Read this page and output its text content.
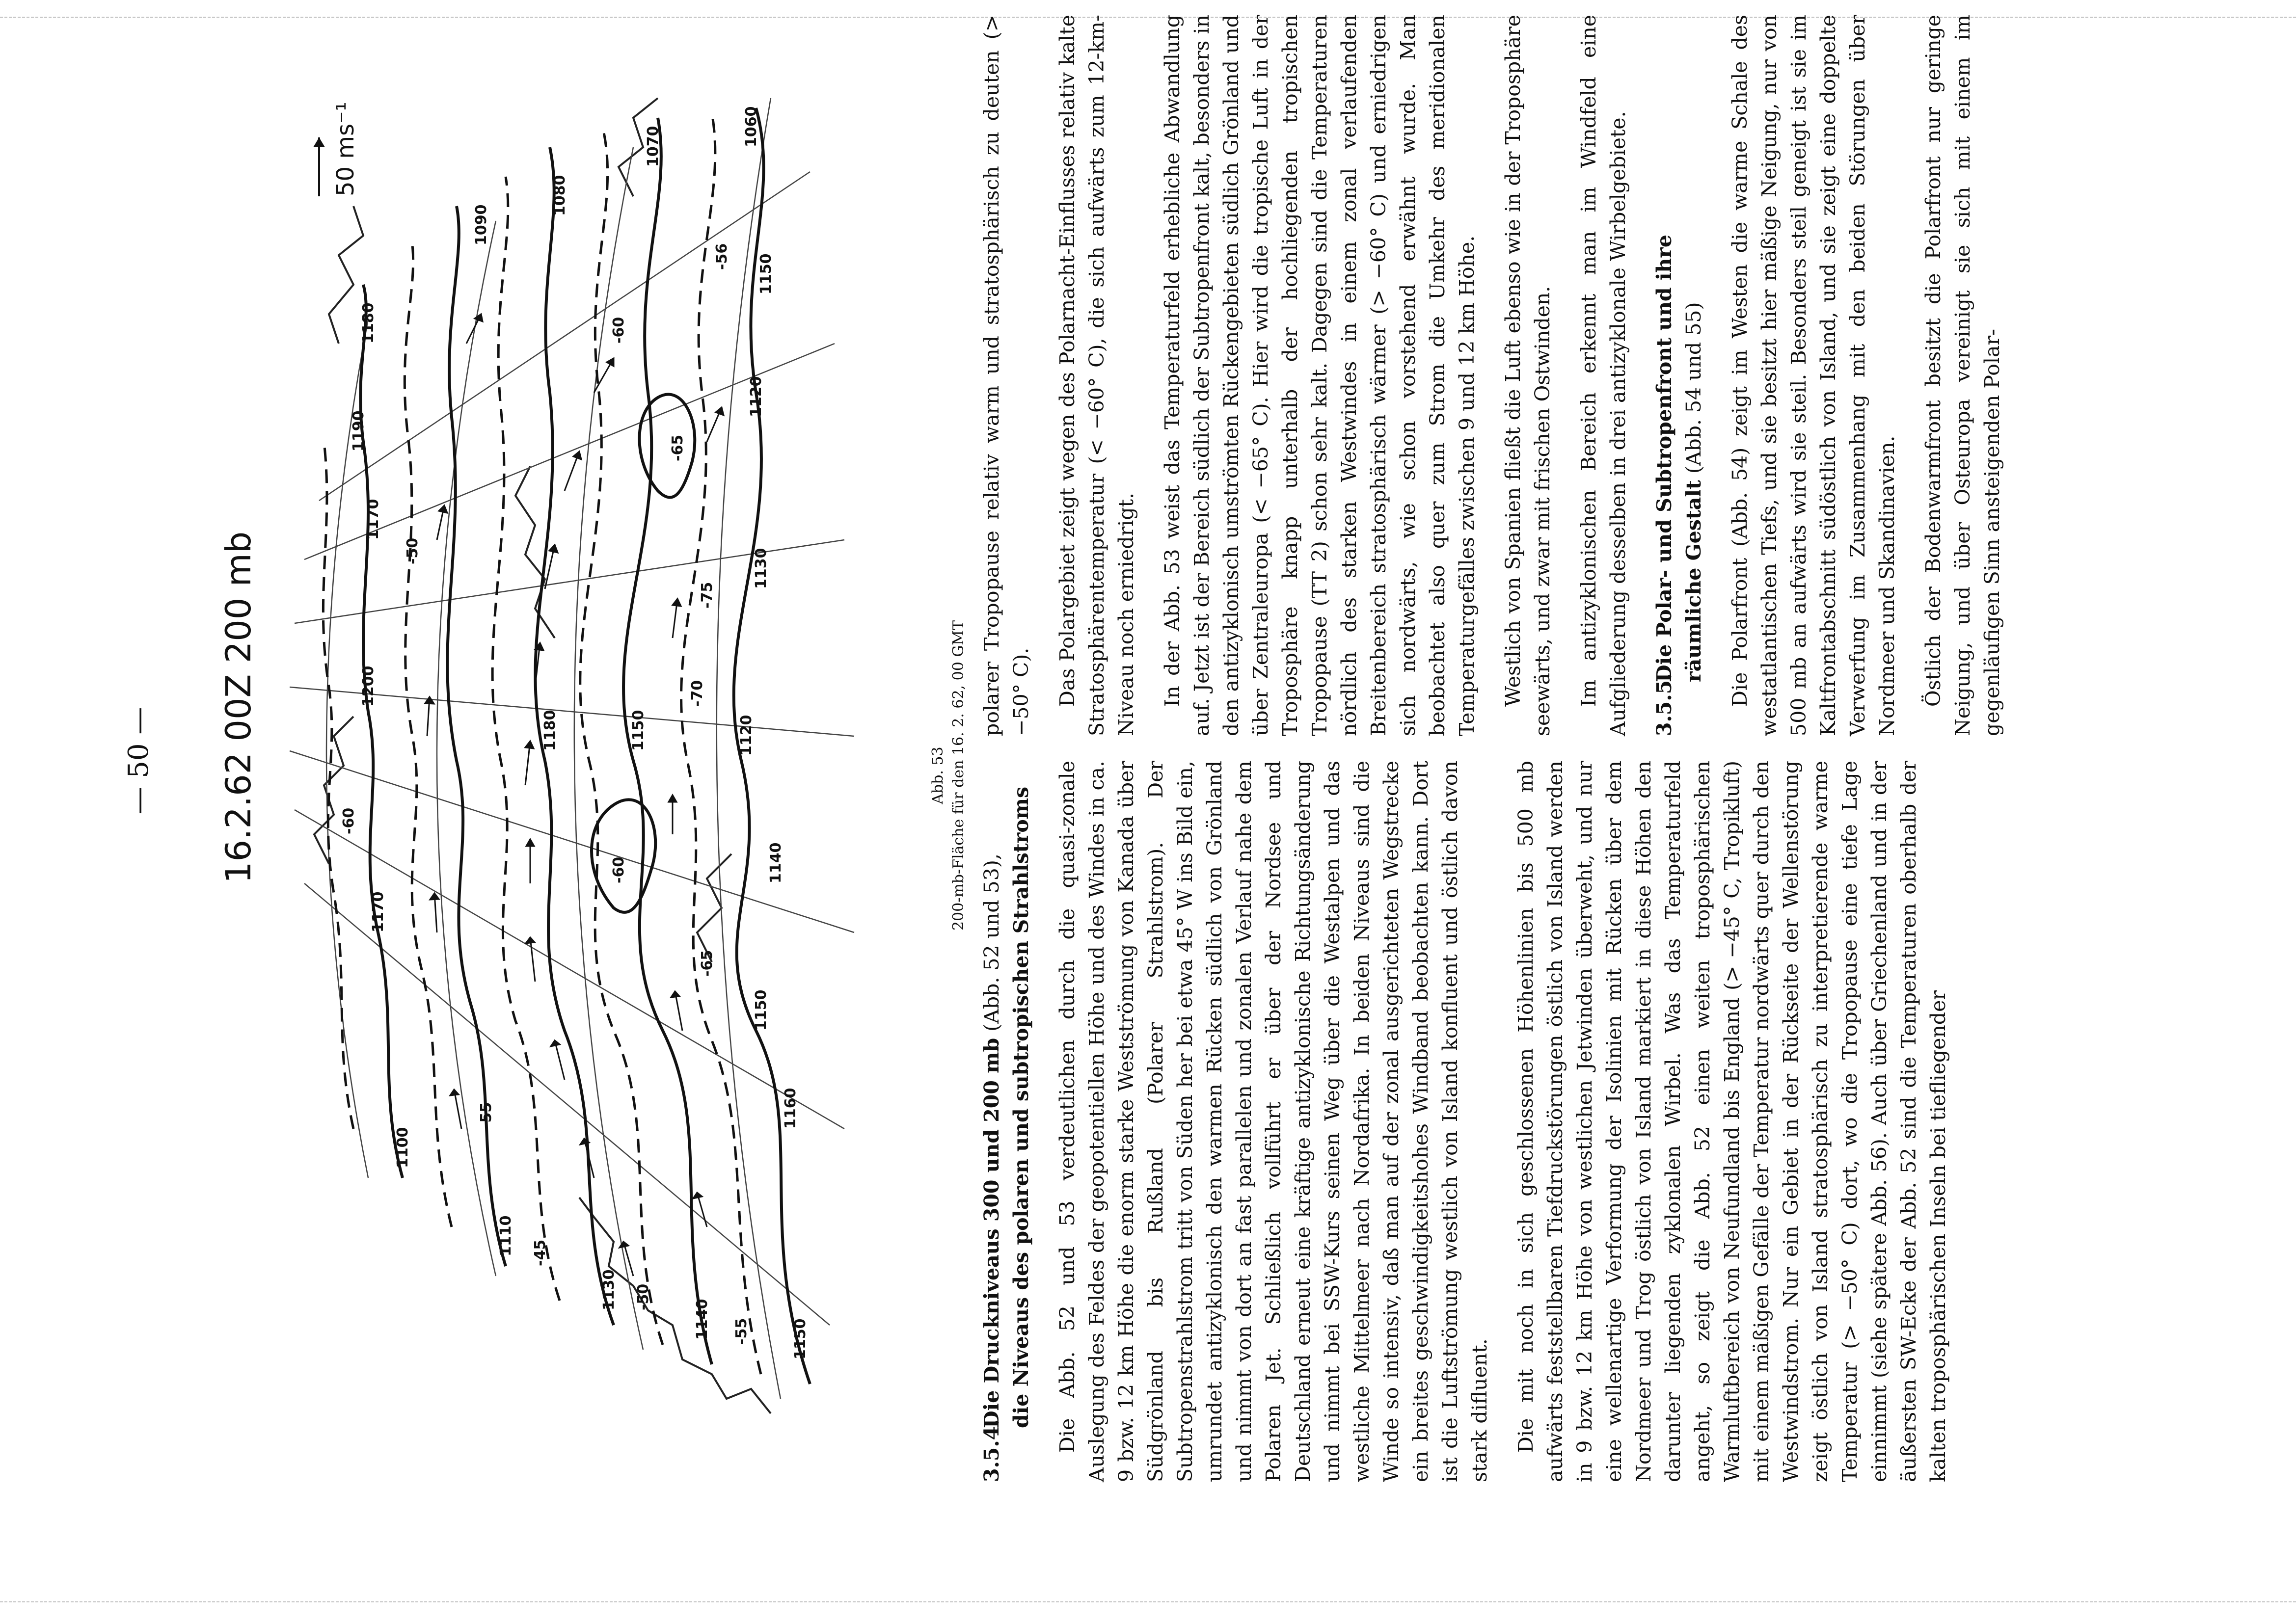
— 50 — 16.2.62 00Z 200 mb
50 ms⁻¹
1150
1140
1130
1110
1100
1090
1080
1070	1060
1120
1150
1180
1190
1200
1170
1150
1140
1130
1120
1150
1160
1170
1180
-55
-50
-45
-60
-65
-70
-75
-65
-60
-56
-55
-50
-60
Abb. 53 200-mb-Fläche für den 16. 2. 62, 00 GMT
3.5.4.Die Druckniveaus 300 und 200 mb (Abb. 52 und 53), die Niveaus des polaren und subtropischen Strahlstroms Die Abb. 52 und 53 verdeutlichen durch die quasi-zonale Auslegung des Feldes der geopotentiellen Höhe und des Windes in ca. 9 bzw. 12 km Höhe die enorm starke Westströmung von Kanada über Südgrönland bis Rußland (Polarer Strahlstrom). Der Subtropenstrahlstrom tritt von Süden her bei etwa 45° W ins Bild ein, umrundet antizyklonisch den warmen Rücken südlich von Grönland und nimmt von dort an fast parallelen und zonalen Verlauf nahe dem Polaren Jet. Schließlich vollführt er über der Nordsee und Deutschland erneut eine kräftige antizyklonische Richtungsänderung und nimmt bei SSW-Kurs seinen Weg über die Westalpen und das westliche Mittelmeer nach Nordafrika. In beiden Niveaus sind die Winde so intensiv, daß man auf der zonal ausgerichteten Wegstrecke ein breites geschwindigkeitshohes Windband beobachten kann. Dort ist die Luftströmung westlich von Island konfluent und östlich davon stark difluent. Die mit noch in sich geschlossenen Höhenlinien bis 500 mb aufwärts feststellbaren Tiefdruckstörungen östlich von Island werden in 9 bzw. 12 km Höhe von westlichen Jetwinden überweht, und nur eine wellenartige Verformung der Isolinien mit Rücken über dem Nordmeer und Trog östlich von Island markiert in diese Höhen den darunter liegenden zyklonalen Wirbel. Was das Temperaturfeld angeht, so zeigt die Abb. 52 einen weiten troposphärischen Warmluftbereich von Neufundland bis England (> −45° C, Tropikluft) mit einem mäßigen Gefälle der Temperatur nordwärts quer durch den Westwindstrom. Nur ein Gebiet in der Rückseite der Wellenstörung zeigt östlich von Island stratosphärisch zu interpretierende warme Temperatur (> −50° C) dort, wo die Tropopause eine tiefe Lage einnimmt (siehe spätere Abb. 56). Auch über Griechenland und in der äußersten SW-Ecke der Abb. 52 sind die Temperaturen oberhalb der kalten troposphärischen Inseln bei tiefliegender

polarer Tropopause relativ warm und stratosphärisch zu deuten (> −50° C). Das Polargebiet zeigt wegen des Polarnacht-Einflusses relativ kalte Stratosphärentemperatur (< −60° C), die sich aufwärts zum 12-km-Niveau noch erniedrigt. In der Abb. 53 weist das Temperaturfeld erhebliche Abwandlung auf. Jetzt ist der Bereich südlich der Subtropenfront kalt, besonders in den antizyklonisch umströmten Rückengebieten südlich Grönland und über Zentraleuropa (< −65° C). Hier wird die tropische Luft in der Troposphäre knapp unterhalb der hochliegenden tropischen Tropopause (TT 2) schon sehr kalt. Dagegen sind die Temperaturen nördlich des starken Westwindes in einem zonal verlaufenden Breitenbereich stratosphärisch wärmer (> −60° C) und erniedrigen sich nordwärts, wie schon vorstehend erwähnt wurde. Man beobachtet also quer zum Strom die Umkehr des meridionalen Temperaturgefälles zwischen 9 und 12 km Höhe. Westlich von Spanien fließt die Luft ebenso wie in der Troposphäre seewärts, und zwar mit frischen Ostwinden. Im antizyklonischen Bereich erkennt man im Windfeld eine Aufgliederung desselben in drei antizyklonale Wirbelgebiete. 3.5.5.Die Polar- und Subtropenfront und ihre räumliche Gestalt (Abb. 54 und 55) Die Polarfront (Abb. 54) zeigt im Westen die warme Schale des westatlantischen Tiefs, und sie besitzt hier mäßige Neigung, nur von 500 mb an aufwärts wird sie steil. Besonders steil geneigt ist sie im Kaltfrontabschnitt südöstlich von Island, und sie zeigt eine doppelte Verwerfung im Zusammenhang mit den beiden Störungen über Nordmeer und Skandinavien. Östlich der Bodenwarmfront besitzt die Polarfront nur geringe Neigung, und über Osteuropa vereinigt sie sich mit einem im gegenläufigen Sinn ansteigenden Polar-
